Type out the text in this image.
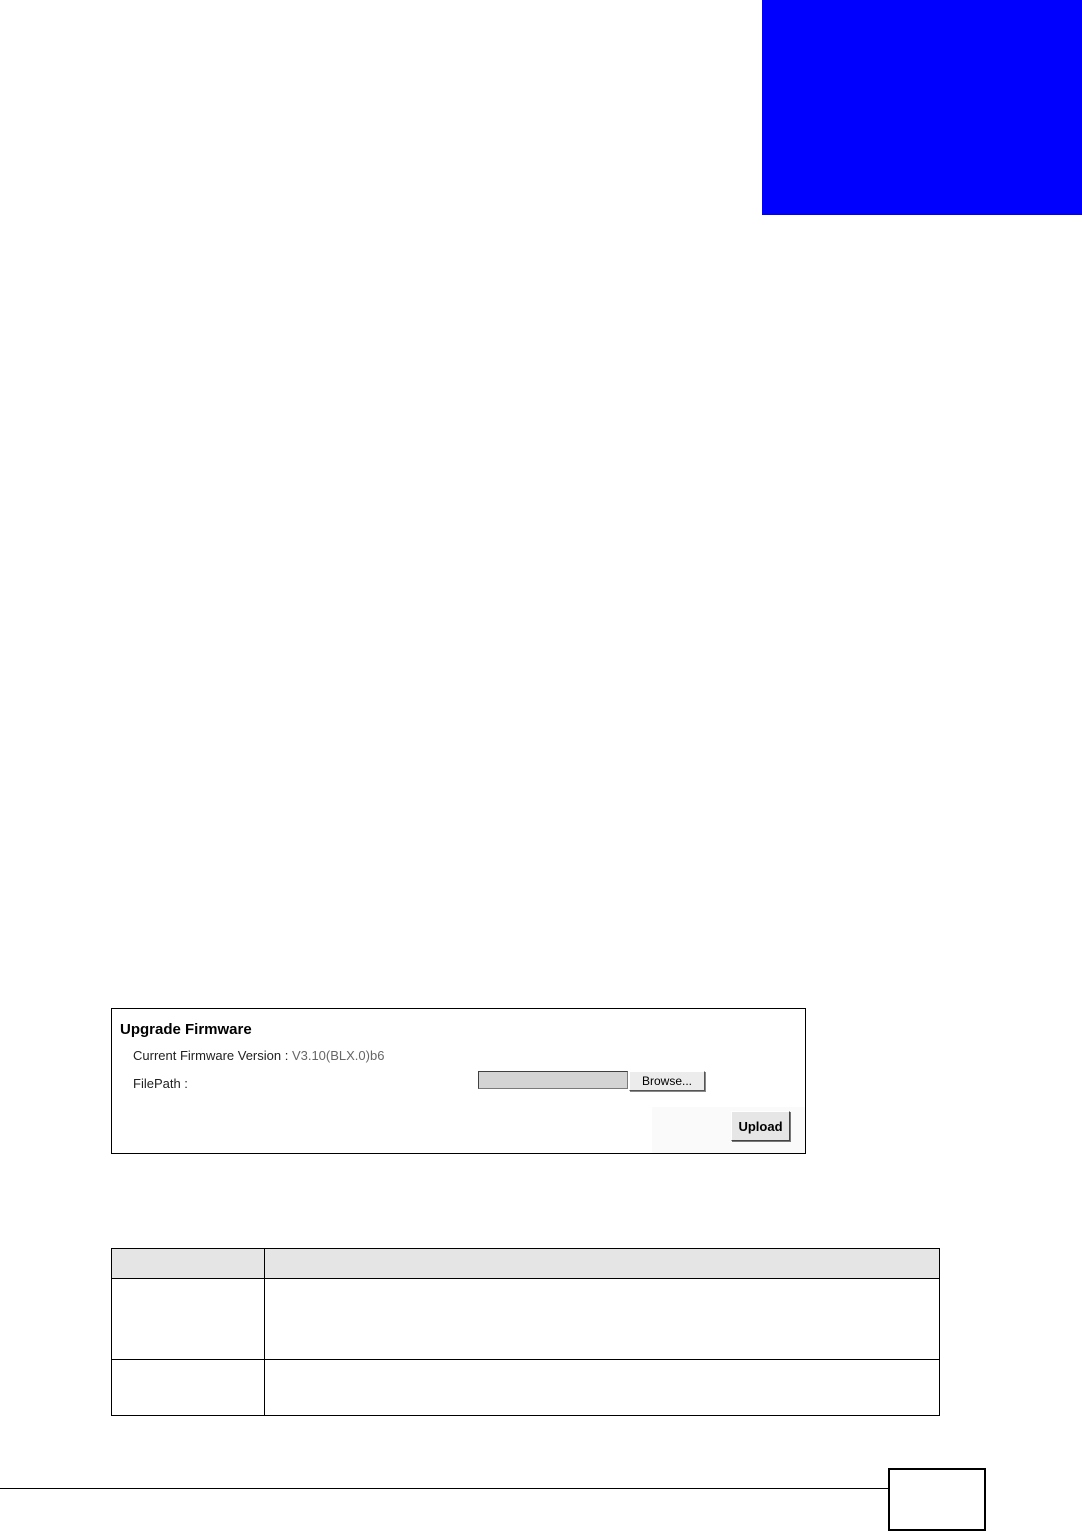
Upgrade Firmware
Current Firmware Version : V3.10(BLX.0)b6
FilePath :	Browse...
Upload
